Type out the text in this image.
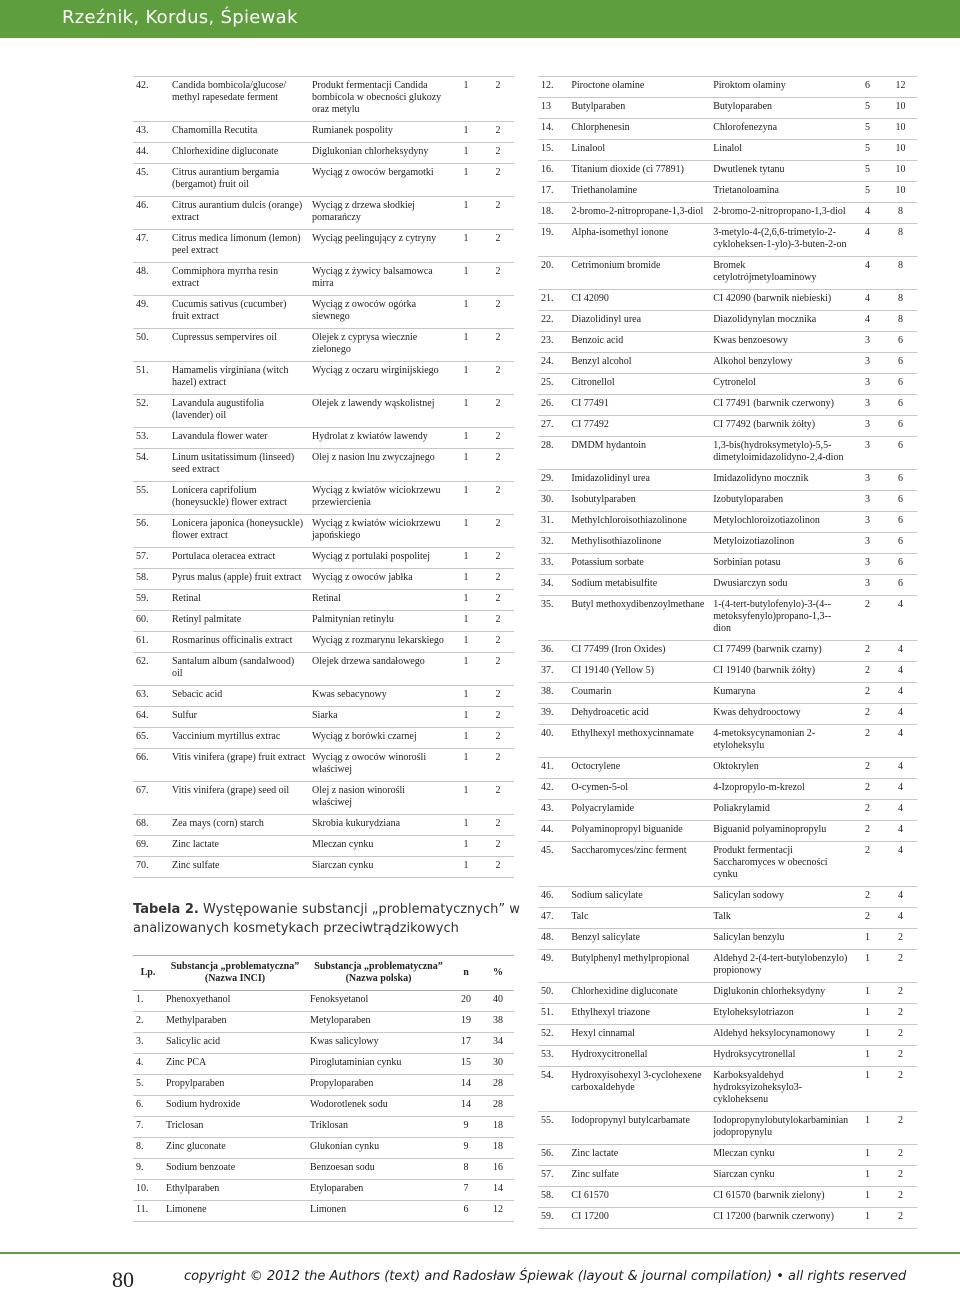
Rzeźnik, Kordus, Śpiewak
42.	Candida bombicola/glucose/ methyl rapesedate ferment	Produkt fermentacji Candida bombicola w obecności glukozy oraz metylu	1	2
43.	Chamomilla Recutita	Rumianek pospolity	1	2
44.	Chlorhexidine digluconate	Diglukonian chlorheksydyny	1	2
45.	Citrus aurantium bergamia (bergamot) fruit oil	Wyciąg z owoców bergamotki	1	2
46.	Citrus aurantium dulcis (orange) extract	Wyciąg z drzewa słodkiej pomarańczy	1	2
47.	Citrus medica limonum (lemon) peel extract	Wyciąg peelingujący z cytryny	1	2
48.	Commiphora myrrha resin extract	Wyciąg z żywicy balsamowca mirra	1	2
49.	Cucumis sativus (cucumber) fruit extract	Wyciąg z owoców ogórka siewnego	1	2
50.	Cupressus sempervires oil	Olejek z cyprysa wiecznie zielonego	1	2
51.	Hamamelis virginiana (witch hazel) extract	Wyciąg z oczaru wirginijskiego	1	2
52.	Lavandula augustifolia (lavender) oil	Olejek z lawendy wąskolistnej	1	2
53.	Lavandula flower water	Hydrolat z kwiatów lawendy	1	2
54.	Linum usitatissimum (linseed) seed extract	Olej z nasion lnu zwyczajnego	1	2
55.	Lonicera caprifolium (honeysuckle) flower extract	Wyciąg z kwiatów wiciokrzewu przewiercienia	1	2
56.	Lonicera japonica (honeysuckle) flower extract	Wyciąg z kwiatów wiciokrzewu japońskiego	1	2
57.	Portulaca oleracea extract	Wyciąg z portulaki pospolitej	1	2
58.	Pyrus malus (apple) fruit extract	Wyciąg z owoców jabłka	1	2
59.	Retinal	Retinal	1	2
60.	Retinyl palmitate	Palmitynian retinylu	1	2
61.	Rosmarinus officinalis extract	Wyciąg z rozmarynu lekarskiego	1	2
62.	Santalum album (sandalwood) oil	Olejek drzewa sandałowego	1	2
63.	Sebacic acid	Kwas sebacynowy	1	2
64.	Sulfur	Siarka	1	2
65.	Vaccinium myrtillus extrac	Wyciąg z borówki czarnej	1	2
66.	Vitis vinifera (grape) fruit extract	Wyciąg z owoców winorośli właściwej	1	2
67.	Vitis vinifera (grape) seed oil	Olej z nasion winorośli właściwej	1	2
68.	Zea mays (corn) starch	Skrobia kukurydziana	1	2
69.	Zinc lactate	Mleczan cynku	1	2
70.	Zinc sulfate	Siarczan cynku	1	2
Tabela 2. Występowanie substancji „problematycznych” w analizowanych kosmetykach przeciwtrądzikowych
Lp.	Substancja „problematyczna” (Nazwa INCI)	Substancja „problematyczna” (Nazwa polska)	n	%
1.	Phenoxyethanol	Fenoksyetanol	20	40
2.	Methylparaben	Metyloparaben	19	38
3.	Salicylic acid	Kwas salicylowy	17	34
4.	Zinc PCA	Piroglutaminian cynku	15	30
5.	Propylparaben	Propyloparaben	14	28
6.	Sodium hydroxide	Wodorotlenek sodu	14	28
7.	Triclosan	Triklosan	9	18
8.	Zinc gluconate	Glukonian cynku	9	18
9.	Sodium benzoate	Benzoesan sodu	8	16
10.	Ethylparaben	Etyloparaben	7	14
11.	Limonene	Limonen	6	12
12.	Piroctone olamine	Piroktom olaminy	6	12
13	Butylparaben	Butyloparaben	5	10
14.	Chlorphenesin	Chlorofenezyna	5	10
15.	Linalool	Linalol	5	10
16.	Titanium dioxide (ci 77891)	Dwutlenek tytanu	5	10
17.	Triethanolamine	Trietanoloamina	5	10
18.	2-bromo-2-nitropropane-1,3-diol	2-bromo-2-nitropropano-1,3-diol	4	8
19.	Alpha-isomethyl ionone	3-metylo-4-(2,6,6-trimetylo-2-cykloheksen-1-ylo)-3-buten-2-on	4	8
20.	Cetrimonium bromide	Bromek cetylotrójmetyloaminowy	4	8
21.	CI 42090	CI 42090 (barwnik niebieski)	4	8
22.	Diazolidinyl urea	Diazolidynylan mocznika	4	8
23.	Benzoic acid	Kwas benzoesowy	3	6
24.	Benzyl alcohol	Alkohol benzylowy	3	6
25.	Citronellol	Cytronelol	3	6
26.	CI 77491	CI 77491 (barwnik czerwony)	3	6
27.	CI 77492	CI 77492 (barwnik żółty)	3	6
28.	DMDM hydantoin	1,3-bis(hydroksymetylo)-5,5-dimetyloimidazolidyno-2,4-dion	3	6
29.	Imidazolidinyl urea	Imidazolidyno mocznik	3	6
30.	Isobutylparaben	Izobutyloparaben	3	6
31.	Methylchloroisothiazolinone	Metylochloroizotiazolinon	3	6
32.	Methylisothiazolinone	Metyloizotiazolinon	3	6
33.	Potassium sorbate	Sorbinian potasu	3	6
34.	Sodium metabisulfite	Dwusiarczyn sodu	3	6
35.	Butyl methoxydibenzoylmethane	1-(4-tert-butylofenylo)-3-(4--metoksyfenylo)propano-1,3--dion	2	4
36.	CI 77499 (Iron Oxides)	CI 77499 (barwnik czarny)	2	4
37.	CI 19140 (Yellow 5)	CI 19140 (barwnik żółty)	2	4
38.	Coumarin	Kumaryna	2	4
39.	Dehydroacetic acid	Kwas dehydrooctowy	2	4
40.	Ethylhexyl methoxycinnamate	4-metoksycynamonian 2-etyloheksylu	2	4
41.	Octocrylene	Oktokrylen	2	4
42.	O-cymen-5-ol	4-Izopropylo-m-krezol	2	4
43.	Polyacrylamide	Poliakrylamid	2	4
44.	Polyaminopropyl biguanide	Biguanid polyaminopropylu	2	4
45.	Saccharomyces/zinc ferment	Produkt fermentacji Saccharomyces w obecności cynku	2	4
46.	Sodium salicylate	Salicylan sodowy	2	4
47.	Talc	Talk	2	4
48.	Benzyl salicylate	Salicylan benzylu	1	2
49.	Butylphenyl methylpropional	Aldehyd 2-(4-tert-butylobenzylo) propionowy	1	2
50.	Chlorhexidine digluconate	Diglukonin chlorheksydyny	1	2
51.	Ethylhexyl triazone	Etyloheksylotriazon	1	2
52.	Hexyl cinnamal	Aldehyd heksylocynamonowy	1	2
53.	Hydroxycitronellal	Hydroksycytronellal	1	2
54.	Hydroxyisohexyl 3-cyclohexene carboxaldehyde	Karboksyaldehyd hydroksyizoheksylo3-cykloheksenu	1	2
55.	Iodopropynyl butylcarbamate	Iodopropynylobutylokarbaminian jodopropynylu	1	2
56.	Zinc lactate	Mleczan cynku	1	2
57.	Zinc sulfate	Siarczan cynku	1	2
58.	CI 61570	CI 61570 (barwnik zielony)	1	2
59.	CI 17200	CI 17200 (barwnik czerwony)	1	2
80	copyright © 2012 the Authors (text) and Radosław Śpiewak (layout & journal compilation) • all rights reserved
